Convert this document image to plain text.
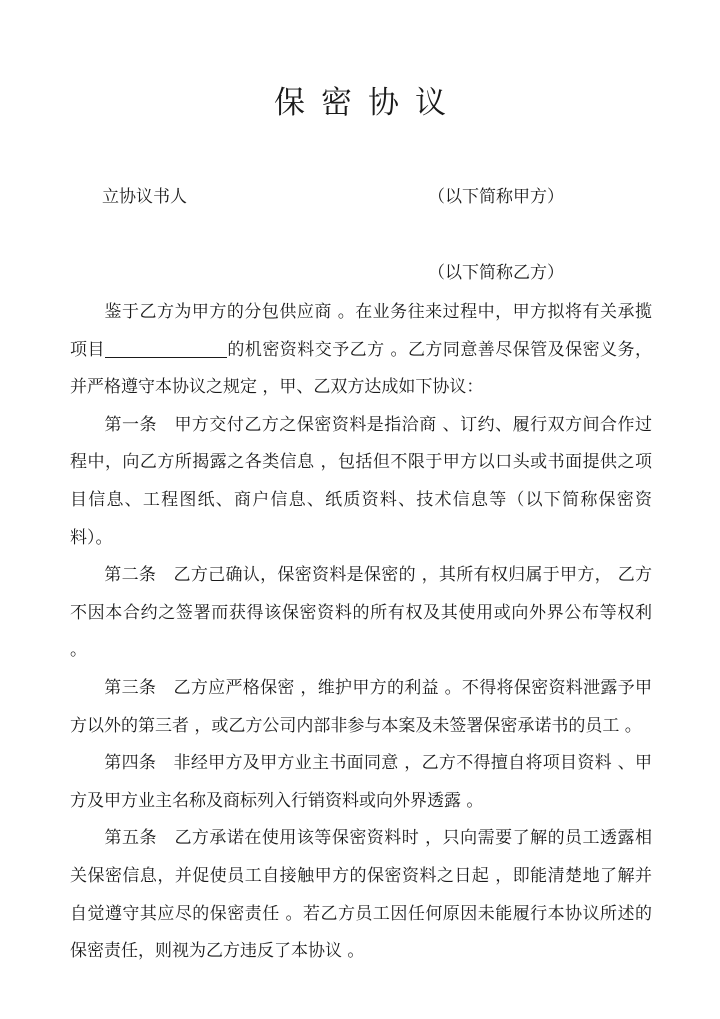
保密协议
立协议书人	（以下简称甲方）
（以下简称乙方）

鉴于乙方为甲方的分包供应商 。在业务往来过程中，甲方拟将有关承揽项目	的机密资料交予乙方 。乙方同意善尽保管及保密义务，并严格遵守本协议之规定 ，甲、乙双方达成如下协议：

第一条 甲方交付乙方之保密资料是指洽商 、订约、履行双方间合作过程中，向乙方所揭露之各类信息 ，包括但不限于甲方以口头或书面提供之项目信息、工程图纸、商户信息、纸质资料、技术信息等（以下简称保密资料）。

第二条 乙方己确认，保密资料是保密的 ，其所有权归属于甲方， 乙方不因本合约之签署而获得该保密资料的所有权及其使用或向外界公布等权利 。

第三条 乙方应严格保密 ，维护甲方的利益 。不得将保密资料泄露予甲方以外的第三者 ，或乙方公司内部非参与本案及未签署保密承诺书的员工 。

第四条 非经甲方及甲方业主书面同意 ，乙方不得擅自将项目资料 、甲方及甲方业主名称及商标列入行销资料或向外界透露 。

第五条 乙方承诺在使用该等保密资料时 ，只向需要了解的员工透露相关保密信息，并促使员工自接触甲方的保密资料之日起 ，即能清楚地了解并自觉遵守其应尽的保密责任 。若乙方员工因任何原因未能履行本协议所述的保密责任，则视为乙方违反了本协议 。
